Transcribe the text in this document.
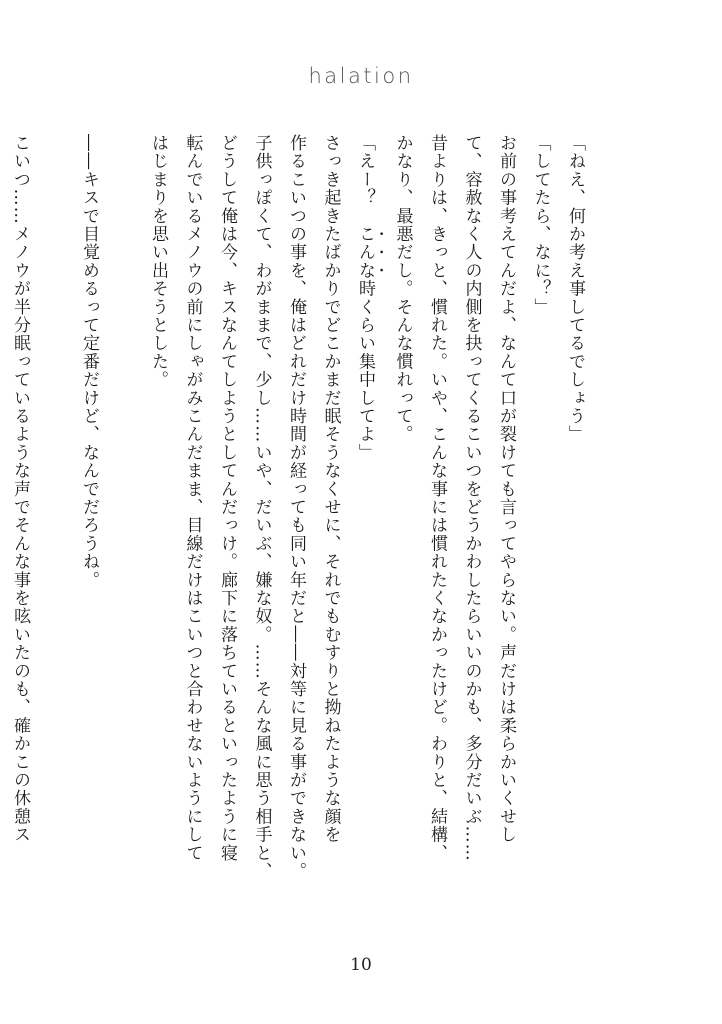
halation

「ねえ、何か考え事してるでしょう」

「してたら、なに？」

お前の事考えてんだよ、なんて口が裂けても言ってやらない。声だけは柔らかいくせし

て、容赦なく人の内側を抉ってくるこいつをどうかわしたらいいのかも、多分だいぶ……

昔よりは、きっと、慣れた。いや、こんな事には慣れたくなかったけど。わりと、結構、

かなり、最悪だし。そんな慣れって。

「えー？　こんな時くらい集中してよ」

さっき起きたばかりでどこかまだ眠そうなくせに、それでもむすりと拗ねたような顔を

作るこいつの事を、俺はどれだけ時間が経っても同い年だと――対等に見る事ができない。

子供っぽくて、わがままで、少し……いや、だいぶ、嫌な奴。……そんな風に思う相手と、

どうして俺は今、キスなんてしようとしてんだっけ。廊下に落ちているといったように寝

転んでいるメノウの前にしゃがみこんだまま、目線だけはこいつと合わせないようにして

はじまりを思い出そうとした。

――キスで目覚めるって定番だけど、なんでだろうね。

こいつ……メノウが半分眠っているような声でそんな事を呟いたのも、確かこの休憩ス

10
